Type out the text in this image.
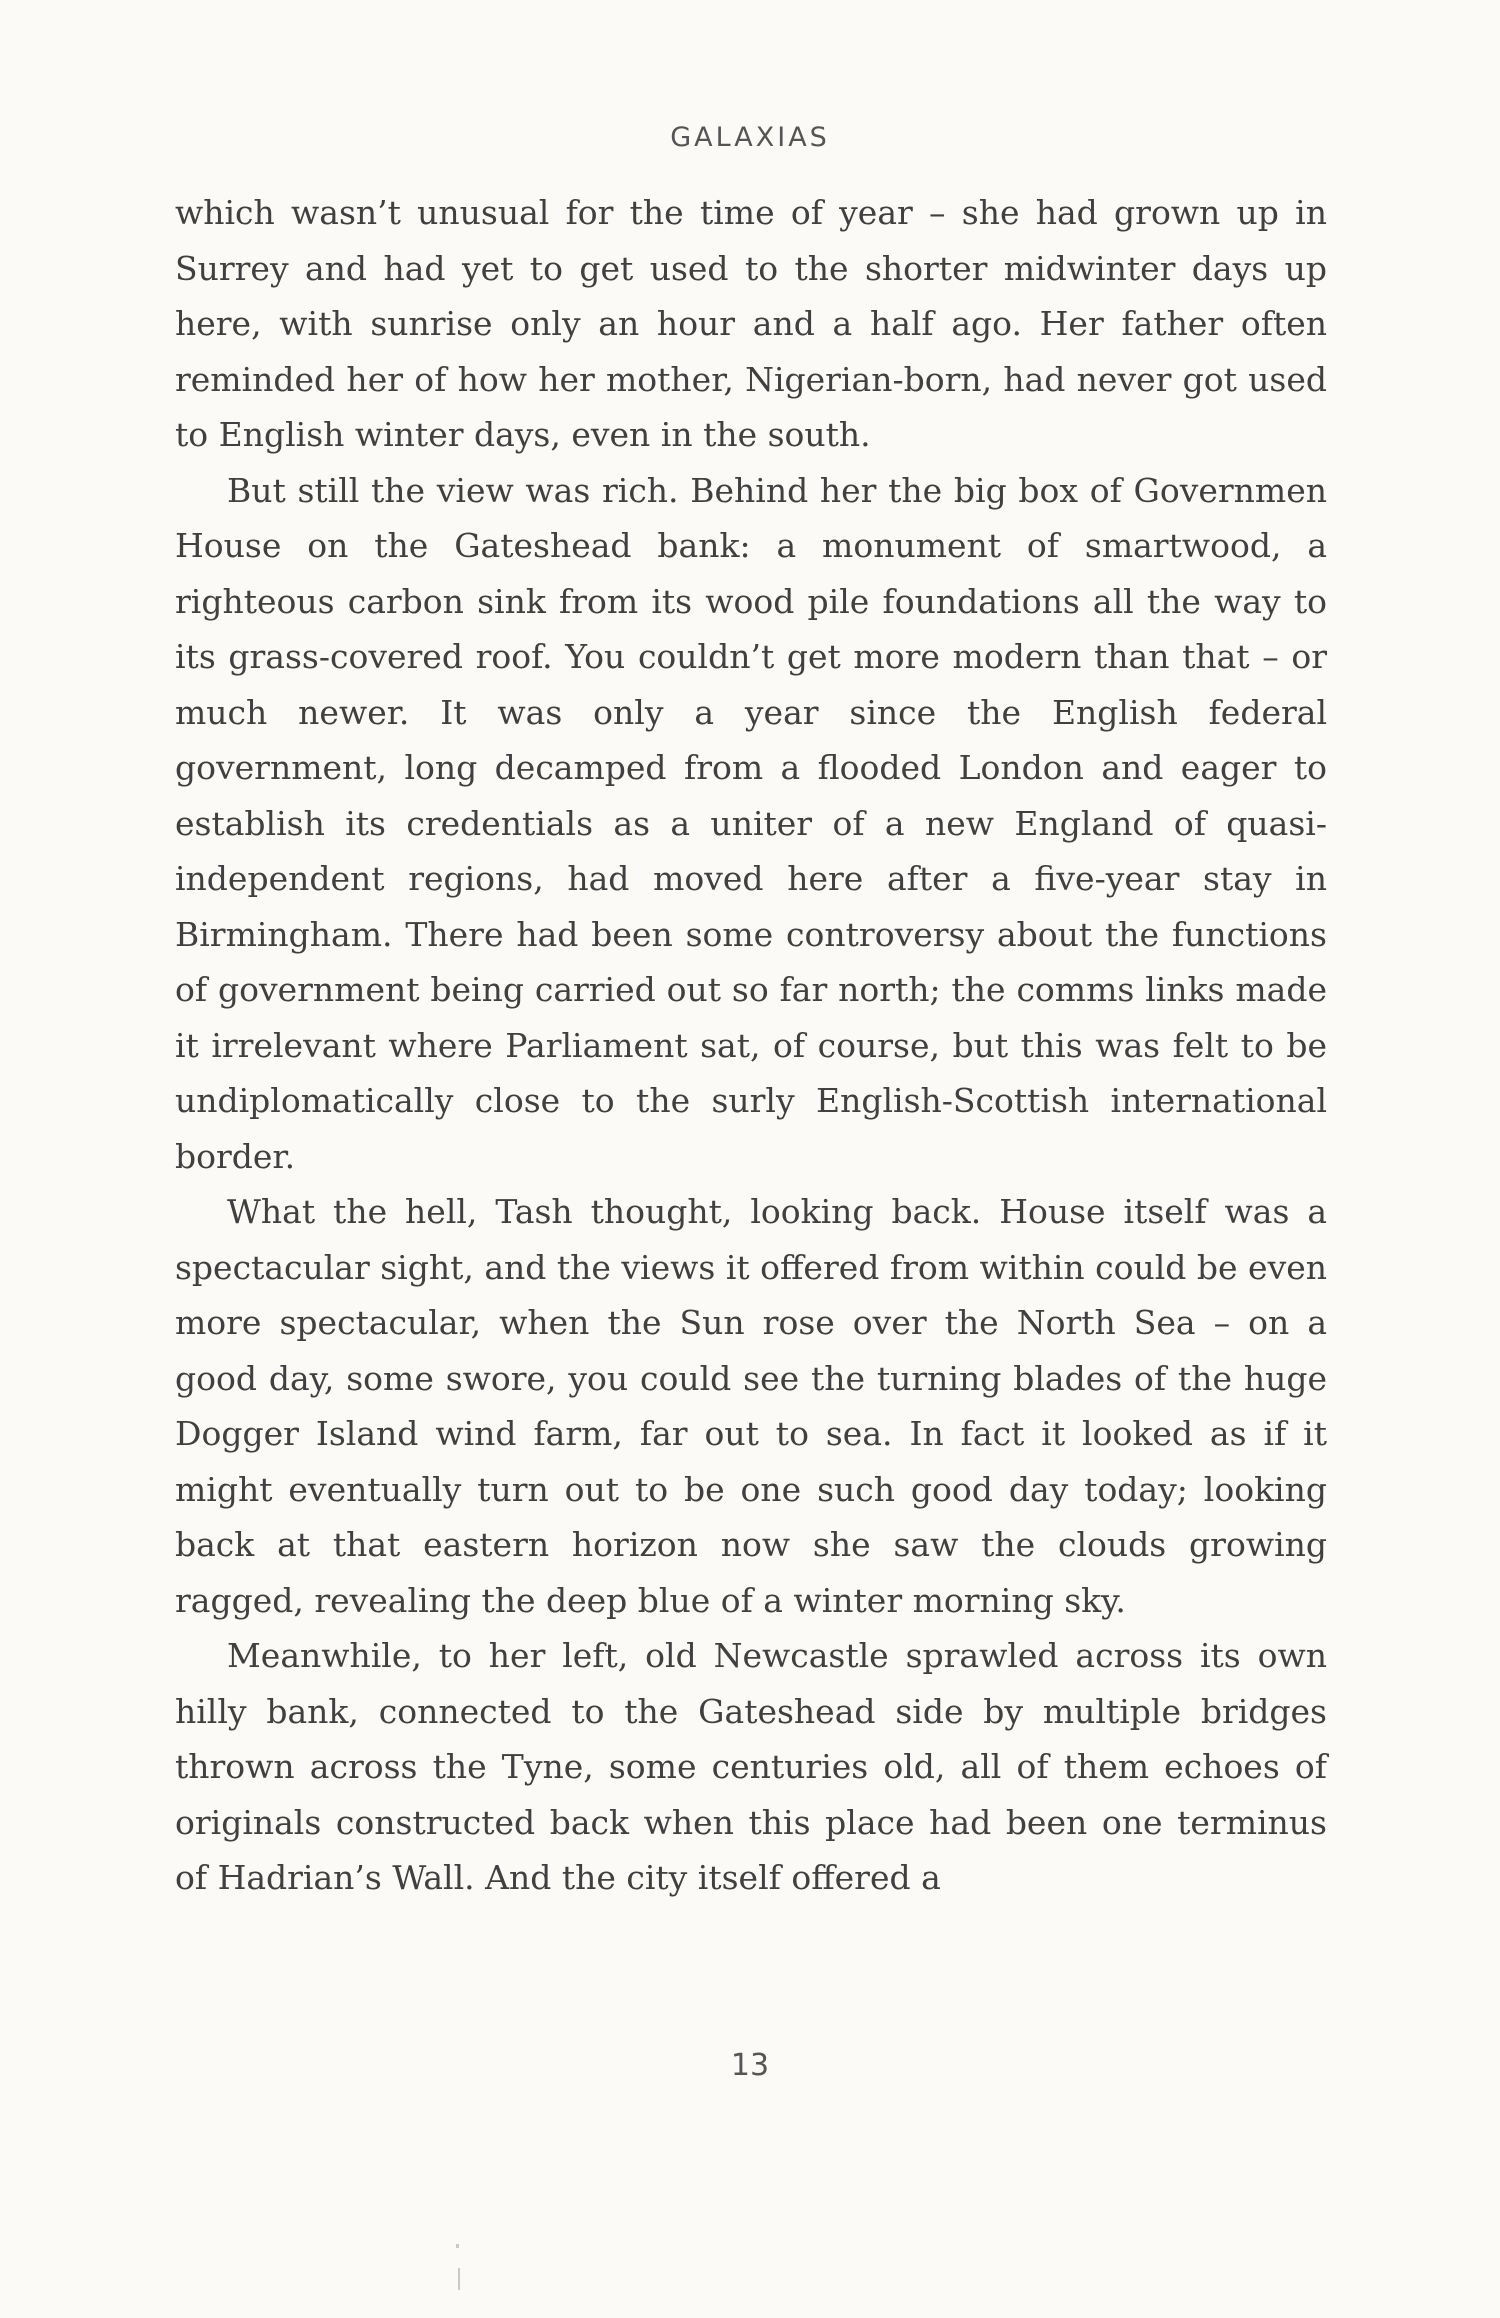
GALAXIAS

which wasn’t unusual for the time of year – she had grown up in Surrey and had yet to get used to the shorter midwinter days up here, with sunrise only an hour and a half ago. Her father often reminded her of how her mother, Nigerian-born, had never got used to English winter days, even in the south.

But still the view was rich. Behind her the big box of Governmen House on the Gateshead bank: a monument of smartwood, a righteous carbon sink from its wood pile foundations all the way to its grass-covered roof. You couldn’t get more modern than that – or much newer. It was only a year since the English federal government, long decamped from a flooded London and eager to establish its credentials as a uniter of a new England of quasi-independent regions, had moved here after a five-year stay in Birmingham. There had been some controversy about the functions of government being carried out so far north; the comms links made it irrelevant where Parliament sat, of course, but this was felt to be undiplomatically close to the surly English-Scottish international border.

What the hell, Tash thought, looking back. House itself was a spectacular sight, and the views it offered from within could be even more spectacular, when the Sun rose over the North Sea – on a good day, some swore, you could see the turning blades of the huge Dogger Island wind farm, far out to sea. In fact it looked as if it might eventually turn out to be one such good day today; looking back at that eastern horizon now she saw the clouds growing ragged, revealing the deep blue of a winter morning sky.

Meanwhile, to her left, old Newcastle sprawled across its own hilly bank, connected to the Gateshead side by multiple bridges thrown across the Tyne, some centuries old, all of them echoes of originals constructed back when this place had been one terminus of Hadrian’s Wall. And the city itself offered a

13
